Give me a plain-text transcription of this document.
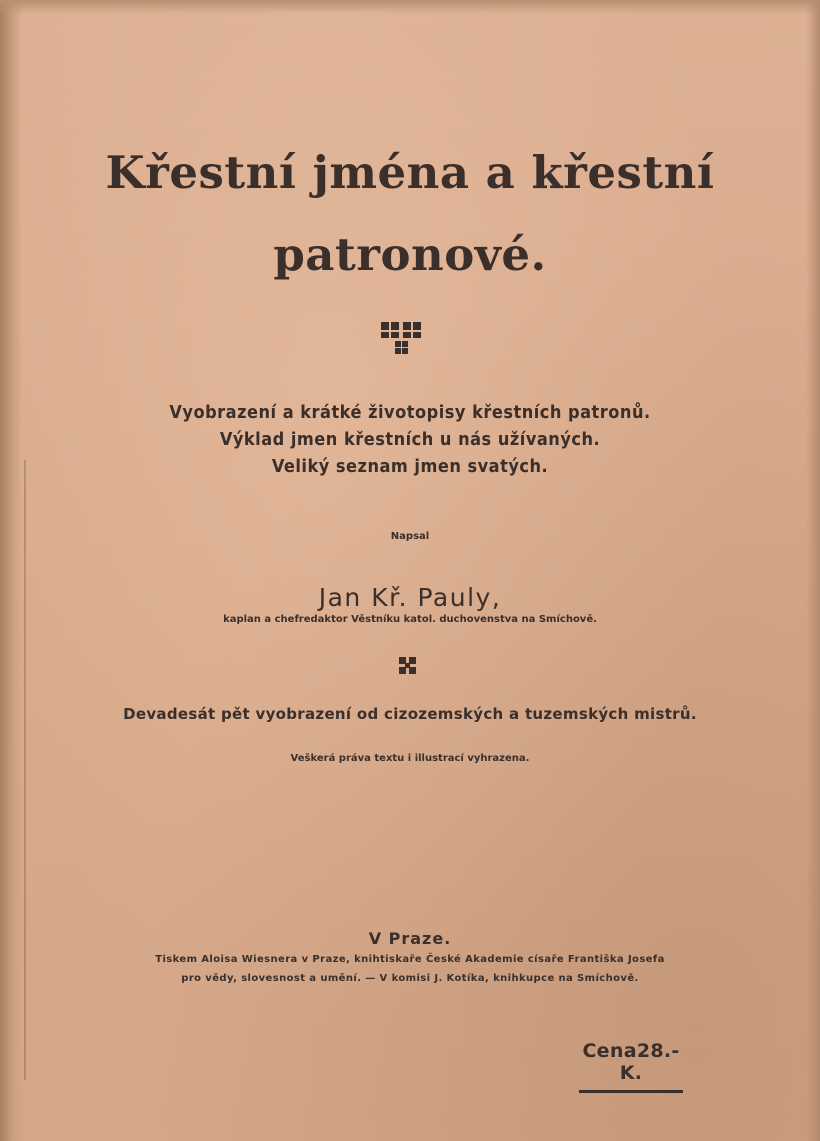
Křestní jména a křestní
patronové.
Vyobrazení a krátké životopisy křestních patronů.
Výklad jmen křestních u nás užívaných.
Veliký seznam jmen svatých.
Napsal
Jan Kř. Pauly,
kaplan a chefredaktor Věstníku katol. duchovenstva na Smíchově.
Devadesát pět vyobrazení od cizozemských a tuzemských mistrů.
Veškerá práva textu i illustrací vyhrazena.
V Praze.
Tiskem Aloisa Wiesnera v Praze, knihtiskaře České Akademie císaře Františka Josefa
pro vědy, slovesnost a umění. — V komisi J. Kotíka, knihkupce na Smíchově.
Cena28.-K.
